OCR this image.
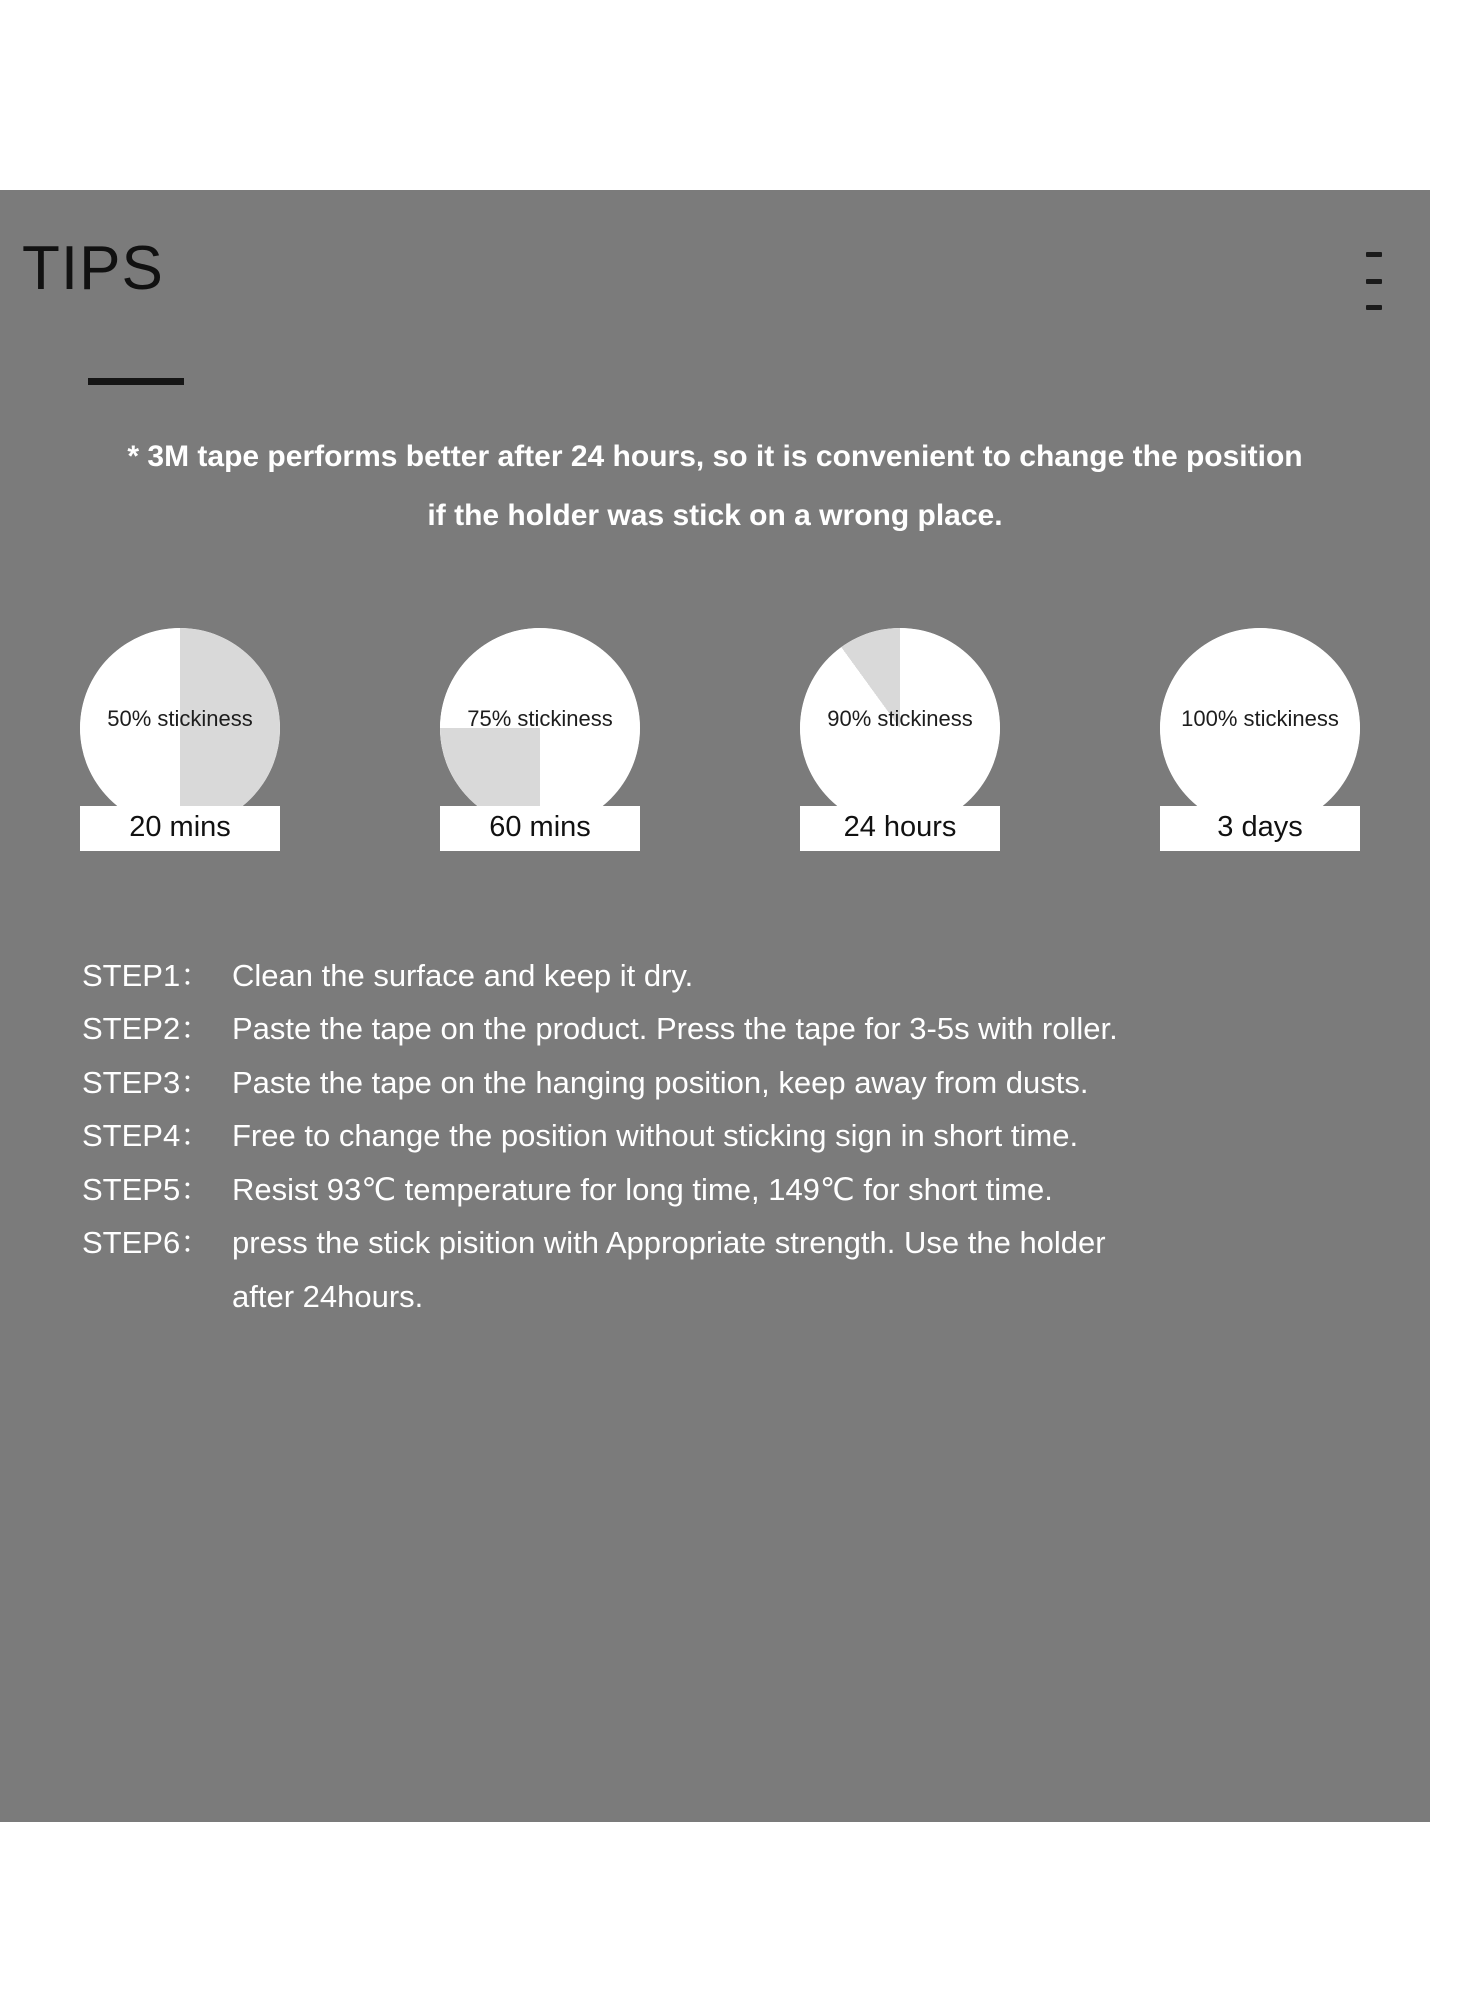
TIPS
* 3M tape performs better after 24 hours, so it is convenient to change the position if the holder was stick on a wrong place.
50% stickiness
20 mins
75% stickiness
60 mins
90% stickiness
24 hours
100% stickiness
3 days
STEP1： Clean the surface and keep it dry.
STEP2： Paste the tape on the product. Press the tape for 3-5s with roller.
STEP3： Paste the tape on the hanging position, keep away from dusts.
STEP4： Free to change the position without sticking sign in short time.
STEP5： Resist 93℃ temperature for long time, 149℃ for short time.
STEP6： press the stick pisition with Appropriate strength. Use the holder
after 24hours.
